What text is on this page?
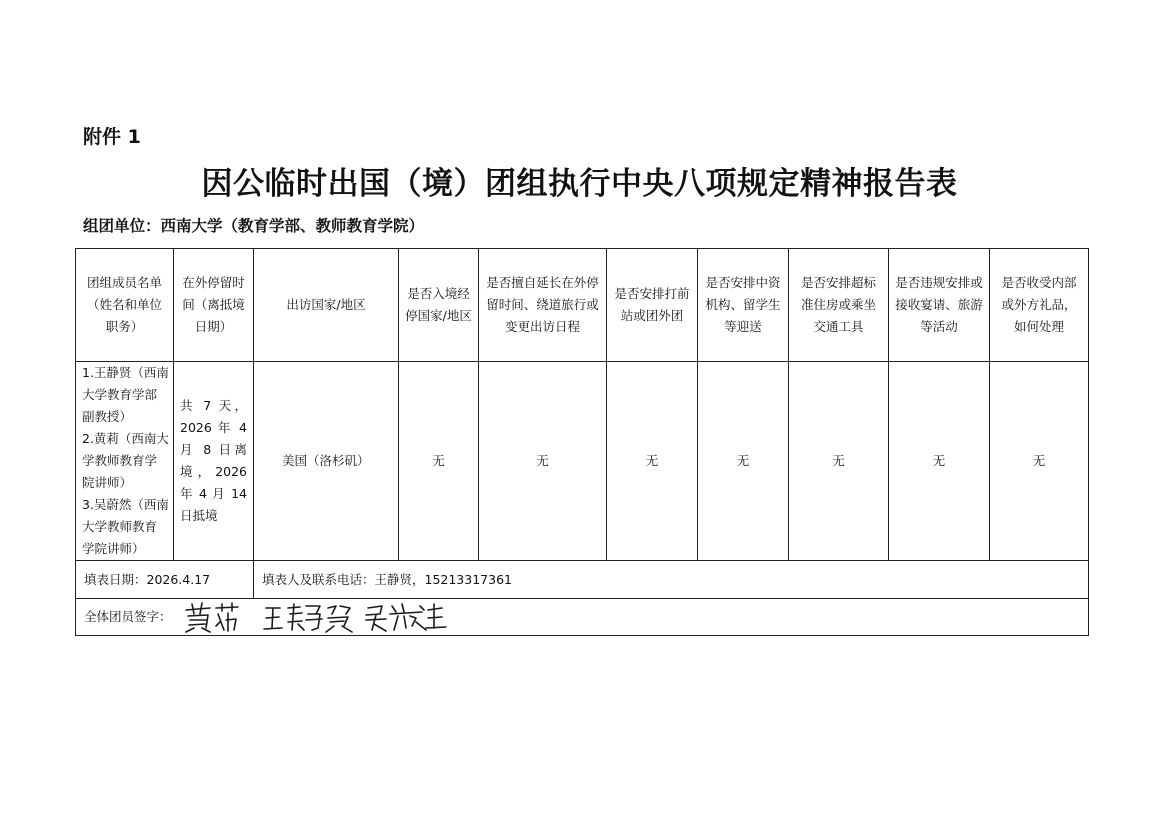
附件 1
因公临时出国（境）团组执行中央八项规定精神报告表
组团单位：西南大学（教育学部、教师教育学院）
团组成员名单（姓名和单位职务）	在外停留时间（离抵境日期）	出访国家/地区	是否入境经停国家/地区	是否擅自延长在外停留时间、绕道旅行或变更出访日程	是否安排打前站或团外团	是否安排中资机构、留学生等迎送	是否安排超标准住房或乘坐交通工具	是否违规安排或接收宴请、旅游等活动	是否收受内部或外方礼品，如何处理

1.王静贤（西南大学教育学部副教授）
2.黄莉（西南大学教师教育学院讲师）
3.吴蔚然（西南大学教师教育学院讲师）	共 7 天，2026 年 4 月 8 日离境，2026 年 4 月 14 日抵境	美国（洛杉矶）	无	无	无	无	无	无	无
填表日期：2026.4.17		填表人及联系电话：王静贤，15213317361							
全体团员签字：									
